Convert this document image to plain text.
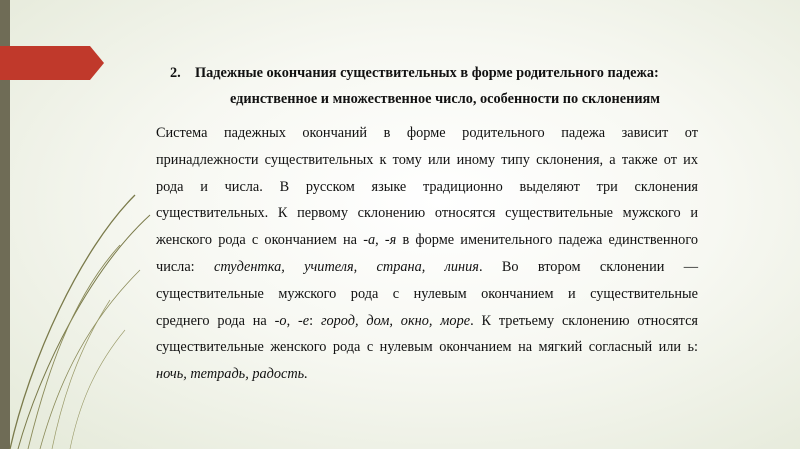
2. Падежные окончания существительных в форме родительного падежа:
единственное и множественное число, особенности по склонениям
Система падежных окончаний в форме родительного падежа зависит от
принадлежности существительных к тому или иному типу склонения, а также от их
рода и числа. В русском языке традиционно выделяют три склонения
существительных. К первому склонению относятся существительные мужского и
женского рода с окончанием на -а, -я в форме именительного падежа единственного
числа: студентка, учителя, страна, линия. Во втором склонении —
существительные мужского рода с нулевым окончанием и существительные
среднего рода на -о, -е: город, дом, окно, море. К третьему склонению относятся
существительные женского рода с нулевым окончанием на мягкий согласный или ь:
ночь, тетрадь, радость.
